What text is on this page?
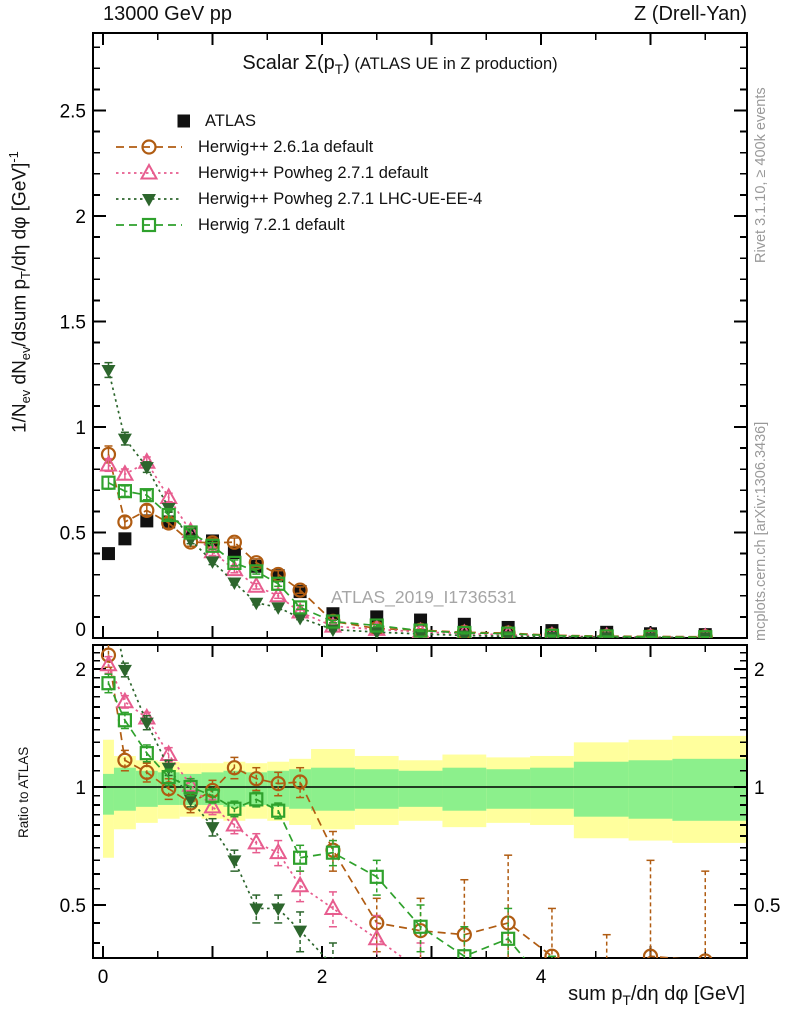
ATLAS_2019_I1736531
0
0.5
1
1.5
2
2.5
0.5	0.5
1	1
2	2
0	2	4
13000 GeV pp	Z (Drell-Yan)
Scalar $\Sigma(p_T)$ (ATLAS UE in Z production)
ATLAS
Herwig++ 2.6.1a default
Herwig++ Powheg 2.7.1 default
Herwig++ Powheg 2.7.1 LHC-UE-EE-4
Herwig 7.2.1 default
$1/N_{ev}$ $dN_{ev}$/dsum $p_T/d\eta$ dφ [GeV]$^{-1}$
Ratio to ATLAS
sum $p_T/d\eta$ dφ [GeV]
Rivet 3.1.10, ≥ 400k events
mcplots.cern.ch [arXiv:1306.3436]
